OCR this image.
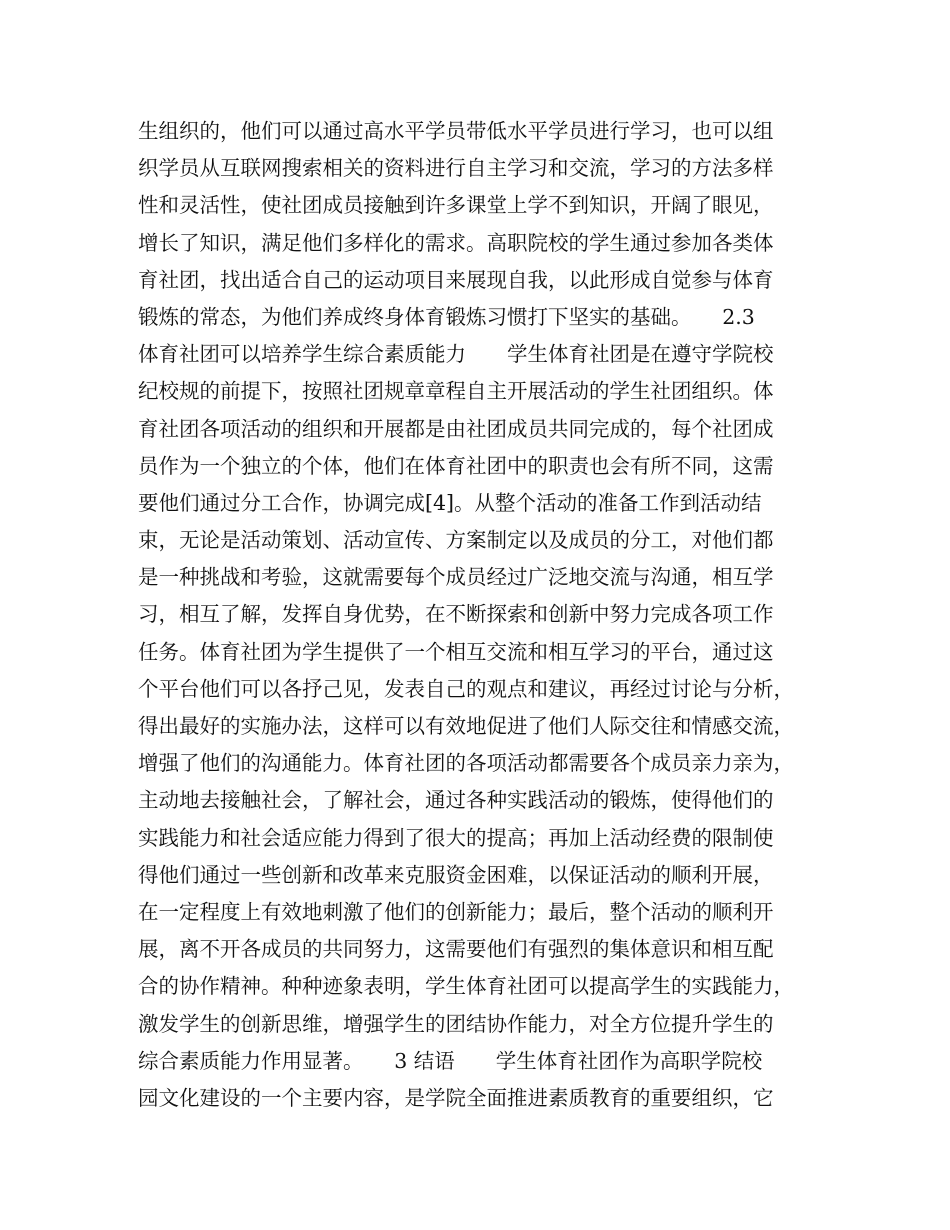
生组织的，他们可以通过高水平学员带低水平学员进行学习，也可以组
织学员从互联网搜索相关的资料进行自主学习和交流，学习的方法多样
性和灵活性，使社团成员接触到许多课堂上学不到知识，开阔了眼见，
增长了知识，满足他们多样化的需求。高职院校的学生通过参加各类体
育社团，找出适合自己的运动项目来展现自我，以此形成自觉参与体育
锻炼的常态，为他们养成终身体育锻炼习惯打下坚实的基础。　　2.3
体育社团可以培养学生综合素质能力　　学生体育社团是在遵守学院校
纪校规的前提下，按照社团规章章程自主开展活动的学生社团组织。体
育社团各项活动的组织和开展都是由社团成员共同完成的，每个社团成
员作为一个独立的个体，他们在体育社团中的职责也会有所不同，这需
要他们通过分工合作，协调完成[4]。从整个活动的准备工作到活动结
束，无论是活动策划、活动宣传、方案制定以及成员的分工，对他们都
是一种挑战和考验，这就需要每个成员经过广泛地交流与沟通，相互学
习，相互了解，发挥自身优势，在不断探索和创新中努力完成各项工作
任务。体育社团为学生提供了一个相互交流和相互学习的平台，通过这
个平台他们可以各抒己见，发表自己的观点和建议，再经过讨论与分析，
得出最好的实施办法，这样可以有效地促进了他们人际交往和情感交流，
增强了他们的沟通能力。体育社团的各项活动都需要各个成员亲力亲为，
主动地去接触社会，了解社会，通过各种实践活动的锻炼，使得他们的
实践能力和社会适应能力得到了很大的提高；再加上活动经费的限制使
得他们通过一些创新和改革来克服资金困难，以保证活动的顺利开展，
在一定程度上有效地刺激了他们的创新能力；最后，整个活动的顺利开
展，离不开各成员的共同努力，这需要他们有强烈的集体意识和相互配
合的协作精神。种种迹象表明，学生体育社团可以提高学生的实践能力，
激发学生的创新思维，增强学生的团结协作能力，对全方位提升学生的
综合素质能力作用显著。　　3 结语　　学生体育社团作为高职学院校
园文化建设的一个主要内容，是学院全面推进素质教育的重要组织，它
